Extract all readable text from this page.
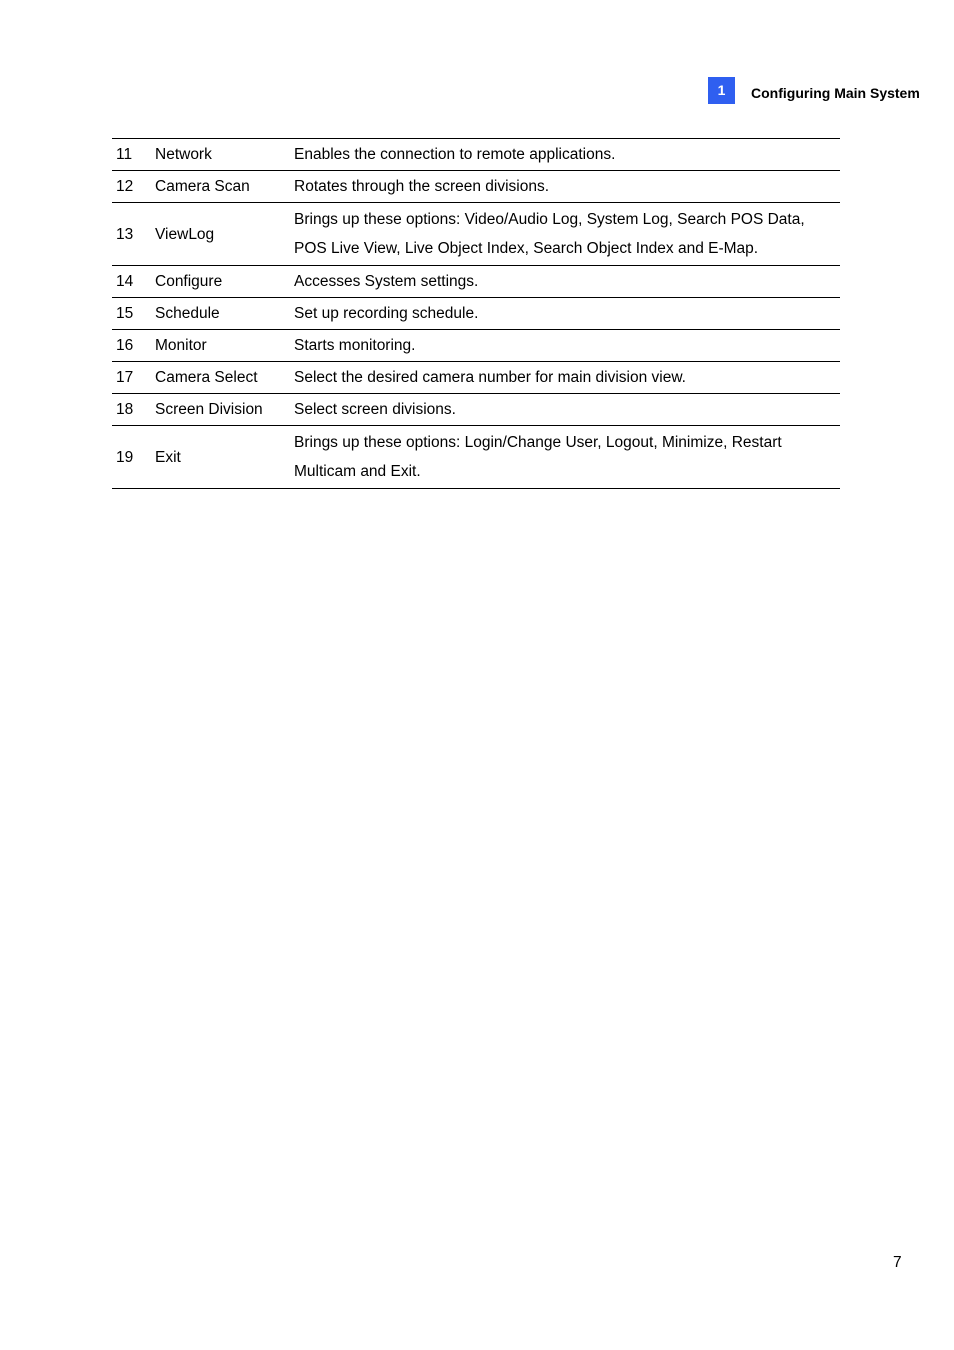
1	Configuring Main System
11	Network	Enables the connection to remote applications.
12	Camera Scan	Rotates through the screen divisions.
13	ViewLog	Brings up these options: Video/Audio Log, System Log, Search POS Data, POS Live View, Live Object Index, Search Object Index and E-Map.
14	Configure	Accesses System settings.
15	Schedule	Set up recording schedule.
16	Monitor	Starts monitoring.
17	Camera Select	Select the desired camera number for main division view.
18	Screen Division	Select screen divisions.
19	Exit	Brings up these options: Login/Change User, Logout, Minimize, Restart Multicam and Exit.
7
